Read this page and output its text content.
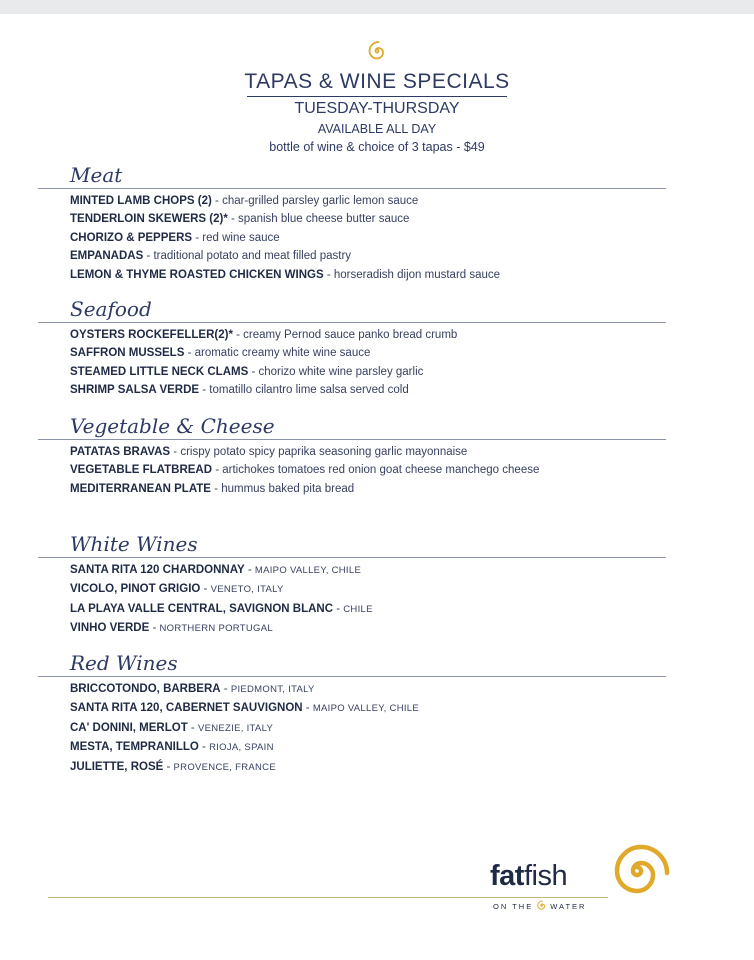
TAPAS & WINE SPECIALS
TUESDAY-THURSDAY
AVAILABLE ALL DAY
bottle of wine & choice of 3 tapas - $49
Meat
MINTED LAMB CHOPS (2) - char-grilled parsley garlic lemon sauce
TENDERLOIN SKEWERS (2)* - spanish blue cheese butter sauce
CHORIZO & PEPPERS - red wine sauce
EMPANADAS - traditional potato and meat filled pastry
LEMON & THYME ROASTED CHICKEN WINGS - horseradish dijon mustard sauce
Seafood
OYSTERS ROCKEFELLER(2)* - creamy Pernod sauce panko bread crumb
SAFFRON MUSSELS - aromatic creamy white wine sauce
STEAMED LITTLE NECK CLAMS - chorizo white wine parsley garlic
SHRIMP SALSA VERDE - tomatillo cilantro lime salsa served cold
Vegetable & Cheese
PATATAS BRAVAS - crispy potato spicy paprika seasoning garlic mayonnaise
VEGETABLE FLATBREAD - artichokes tomatoes red onion goat cheese manchego cheese
MEDITERRANEAN PLATE - hummus baked pita bread
White Wines
SANTA RITA 120 CHARDONNAY - MAIPO VALLEY, CHILE
VICOLO, PINOT GRIGIO - VENETO, ITALY
LA PLAYA VALLE CENTRAL, SAVIGNON BLANC - CHILE
VINHO VERDE - NORTHERN PORTUGAL
Red Wines
BRICCOTONDO, BARBERA - PIEDMONT, ITALY
SANTA RITA 120, CABERNET SAUVIGNON - MAIPO VALLEY, CHILE
CA' DONINI, MERLOT - VENEZIE, ITALY
MESTA, TEMPRANILLO - RIOJA, SPAIN
JULIETTE, ROSÉ - PROVENCE, FRANCE
fatfish
ON THE WATER
